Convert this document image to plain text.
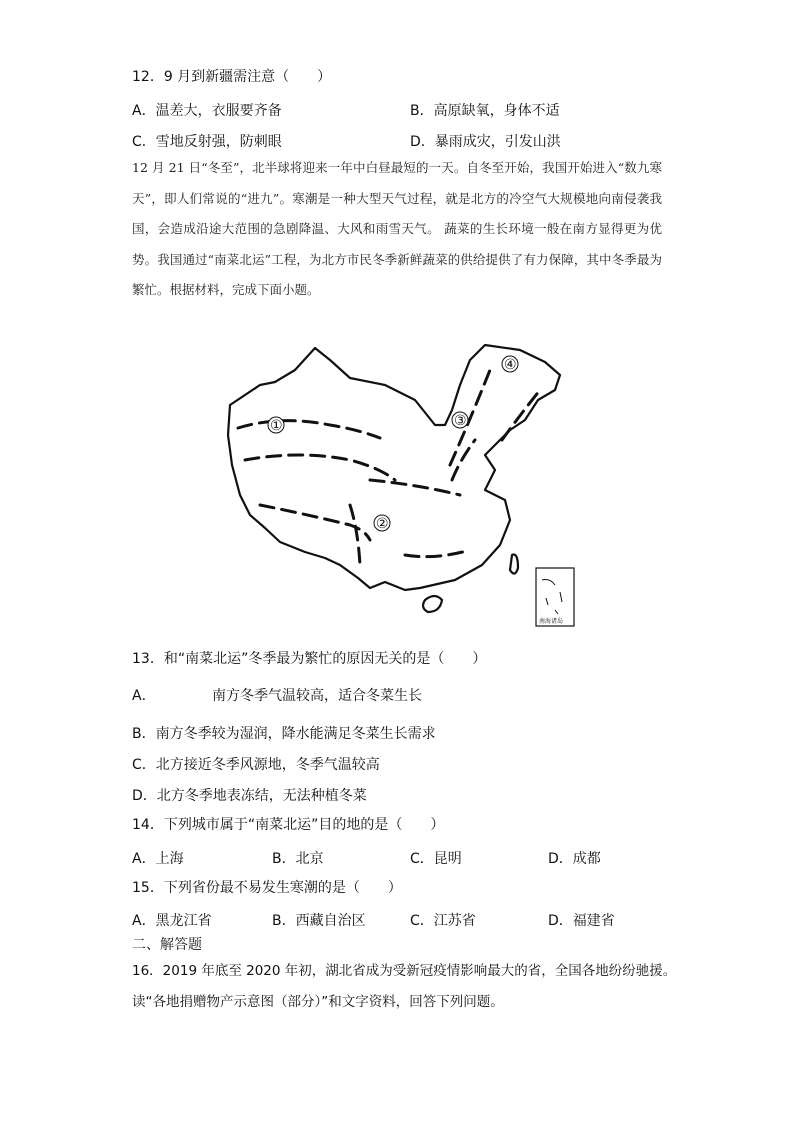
12．9 月到新疆需注意（　　）
A．温差大，衣服要齐备	B．高原缺氧，身体不适
C．雪地反射强，防刺眼	D．暴雨成灾，引发山洪
12 月 21 日“冬至”，北半球将迎来一年中白昼最短的一天。自冬至开始，我国开始进入“数九寒天”，即人们常说的“进九”。寒潮是一种大型天气过程，就是北方的冷空气大规模地向南侵袭我国，会造成沿途大范围的急剧降温、大风和雨雪天气。 蔬菜的生长环境一般在南方显得更为优势。我国通过“南菜北运”工程，为北方市民冬季新鲜蔬菜的供给提供了有力保障，其中冬季最为繁忙。根据材料，完成下面小题。
①
②
③
④
南海诸岛
13．和“南菜北运”冬季最为繁忙的原因无关的是（　　）
A．	南方冬季气温较高，适合冬菜生长
B．南方冬季较为湿润，降水能满足冬菜生长需求
C．北方接近冬季风源地，冬季气温较高
D．北方冬季地表冻结，无法种植冬菜
14．下列城市属于“南菜北运”目的地的是（　　）
A．上海	B．北京	C．昆明	D．成都
15．下列省份最不易发生寒潮的是（　　）
A．黑龙江省	B．西藏自治区	C．江苏省	D．福建省
二、解答题
16．2019 年底至 2020 年初，湖北省成为受新冠疫情影响最大的省，全国各地纷纷驰援。
读“各地捐赠物产示意图（部分）”和文字资料，回答下列问题。
